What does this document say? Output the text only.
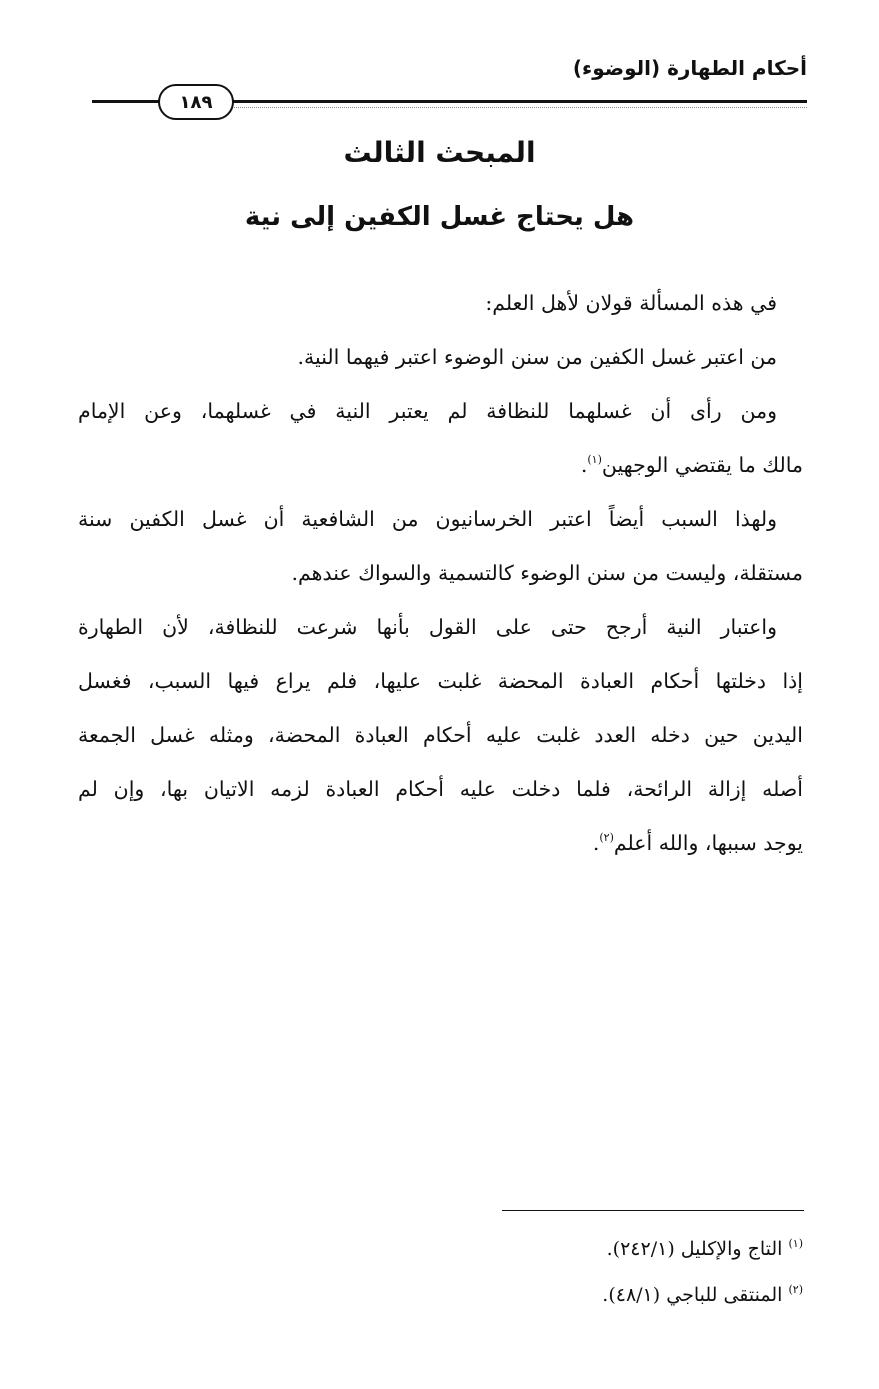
أحكام الطهارة (الوضوء)
١٨٩
المبحث الثالث
هل يحتاج غسل الكفين إلى نية
في هذه المسألة قولان لأهل العلم:
من اعتبر غسل الكفين من سنن الوضوء اعتبر فيهما النية.
ومن رأى أن غسلهما للنظافة لم يعتبر النية في غسلهما، وعن الإمام
مالك ما يقتضي الوجهين$^{(١)}$.
ولهذا السبب أيضاً اعتبر الخرسانيون من الشافعية أن غسل الكفين سنة
مستقلة، وليست من سنن الوضوء كالتسمية والسواك عندهم.
واعتبار النية أرجح حتى على القول بأنها شرعت للنظافة، لأن الطهارة
إذا دخلتها أحكام العبادة المحضة غلبت عليها، فلم يراع فيها السبب، فغسل
اليدين حين دخله العدد غلبت عليه أحكام العبادة المحضة، ومثله غسل الجمعة
أصله إزالة الرائحة، فلما دخلت عليه أحكام العبادة لزمه الاتيان بها، وإن لم
يوجد سببها، والله أعلم$^{(٢)}$.
$^{(١)}$ التاج والإكليل (٢٤٢/١).
$^{(٢)}$ المنتقى للباجي (٤٨/١).
